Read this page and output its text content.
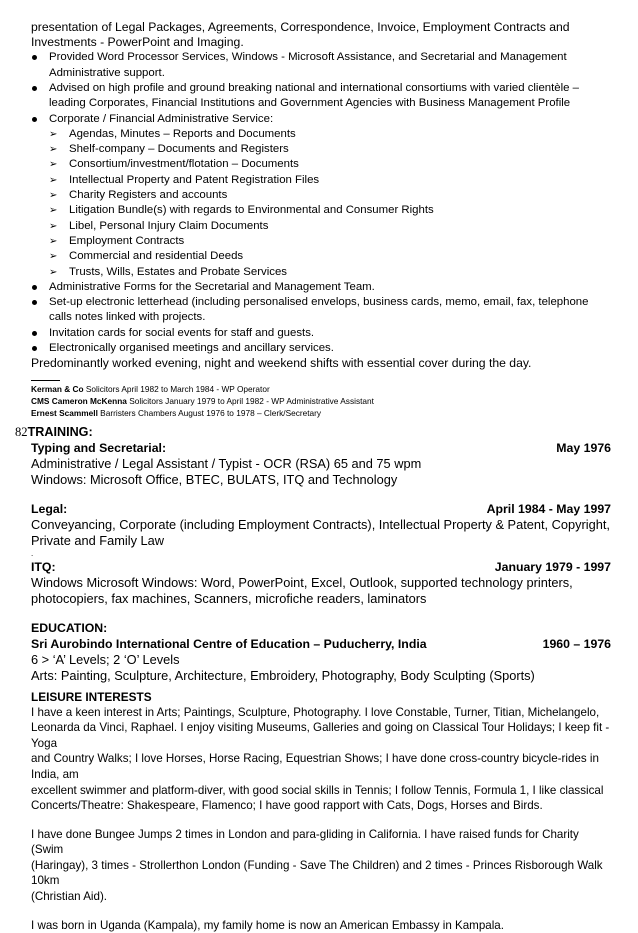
presentation of Legal Packages, Agreements, Correspondence, Invoice, Employment Contracts and
Investments - PowerPoint and Imaging.
Provided Word Processor Services, Windows - Microsoft Assistance, and Secretarial and Management Administrative support.
Advised on high profile and ground breaking national and international consortiums with varied clientèle – leading Corporates, Financial Institutions and Government Agencies with Business Management Profile
Corporate / Financial Administrative Service:
➢ Agendas, Minutes – Reports and Documents
➢ Shelf-company – Documents and Registers
➢ Consortium/investment/flotation – Documents
➢ Intellectual Property and Patent Registration Files
➢ Charity Registers and accounts
➢ Litigation Bundle(s) with regards to Environmental and Consumer Rights
➢ Libel, Personal Injury Claim Documents
➢ Employment Contracts
➢ Commercial and residential Deeds
➢ Trusts, Wills, Estates and Probate Services
Administrative Forms for the Secretarial and Management Team.
Set-up electronic letterhead (including personalised envelops, business cards, memo, email, fax, telephone calls notes linked with projects.
Invitation cards for social events for staff and guests.
Electronically organised meetings and ancillary services.
Predominantly worked evening, night and weekend shifts with essential cover during the day.
Kerman & Co Solicitors April 1982 to March 1984 - WP Operator
CMS Cameron McKenna Solicitors January 1979 to April 1982 - WP Administrative Assistant
Ernest Scammell Barristers Chambers August 1976 to 1978 – Clerk/Secretary
82TRAINING:
Typing and Secretarial:	May 1976
Administrative / Legal Assistant / Typist - OCR (RSA) 65 and 75 wpm
Windows: Microsoft Office, BTEC, BULATS, ITQ and Technology
Legal:	April 1984 - May 1997
Conveyancing, Corporate (including Employment Contracts), Intellectual Property & Patent, Copyright,
Private and Family Law
.
ITQ:	January 1979 - 1997
Windows Microsoft Windows: Word, PowerPoint, Excel, Outlook, supported technology printers,
photocopiers, fax machines, Scanners, microfiche readers, laminators
EDUCATION:
Sri Aurobindo International Centre of Education – Puducherry, India	1960 – 1976
6 > ‘A’ Levels; 2 ‘O’ Levels
Arts: Painting, Sculpture, Architecture, Embroidery, Photography, Body Sculpting (Sports)
LEISURE INTERESTS
I have a keen interest in Arts; Paintings, Sculpture, Photography. I love Constable, Turner, Titian, Michelangelo,
Leonarda da Vinci, Raphael. I enjoy visiting Museums, Galleries and going on Classical Tour Holidays; I keep fit - Yoga
and Country Walks; I love Horses, Horse Racing, Equestrian Shows; I have done cross-country bicycle-rides in India, am
excellent swimmer and platform-diver, with good social skills in Tennis; I follow Tennis, Formula 1, I like classical
Concerts/Theatre: Shakespeare, Flamenco; I have good rapport with Cats, Dogs, Horses and Birds.
I have done Bungee Jumps 2 times in London and para-gliding in California. I have raised funds for Charity (Swim
(Haringay), 3 times - Strollerthon London (Funding - Save The Children) and 2 times - Princes Risborough Walk 10km
(Christian Aid).
I was born in Uganda (Kampala), my family home is now an American Embassy in Kampala.
